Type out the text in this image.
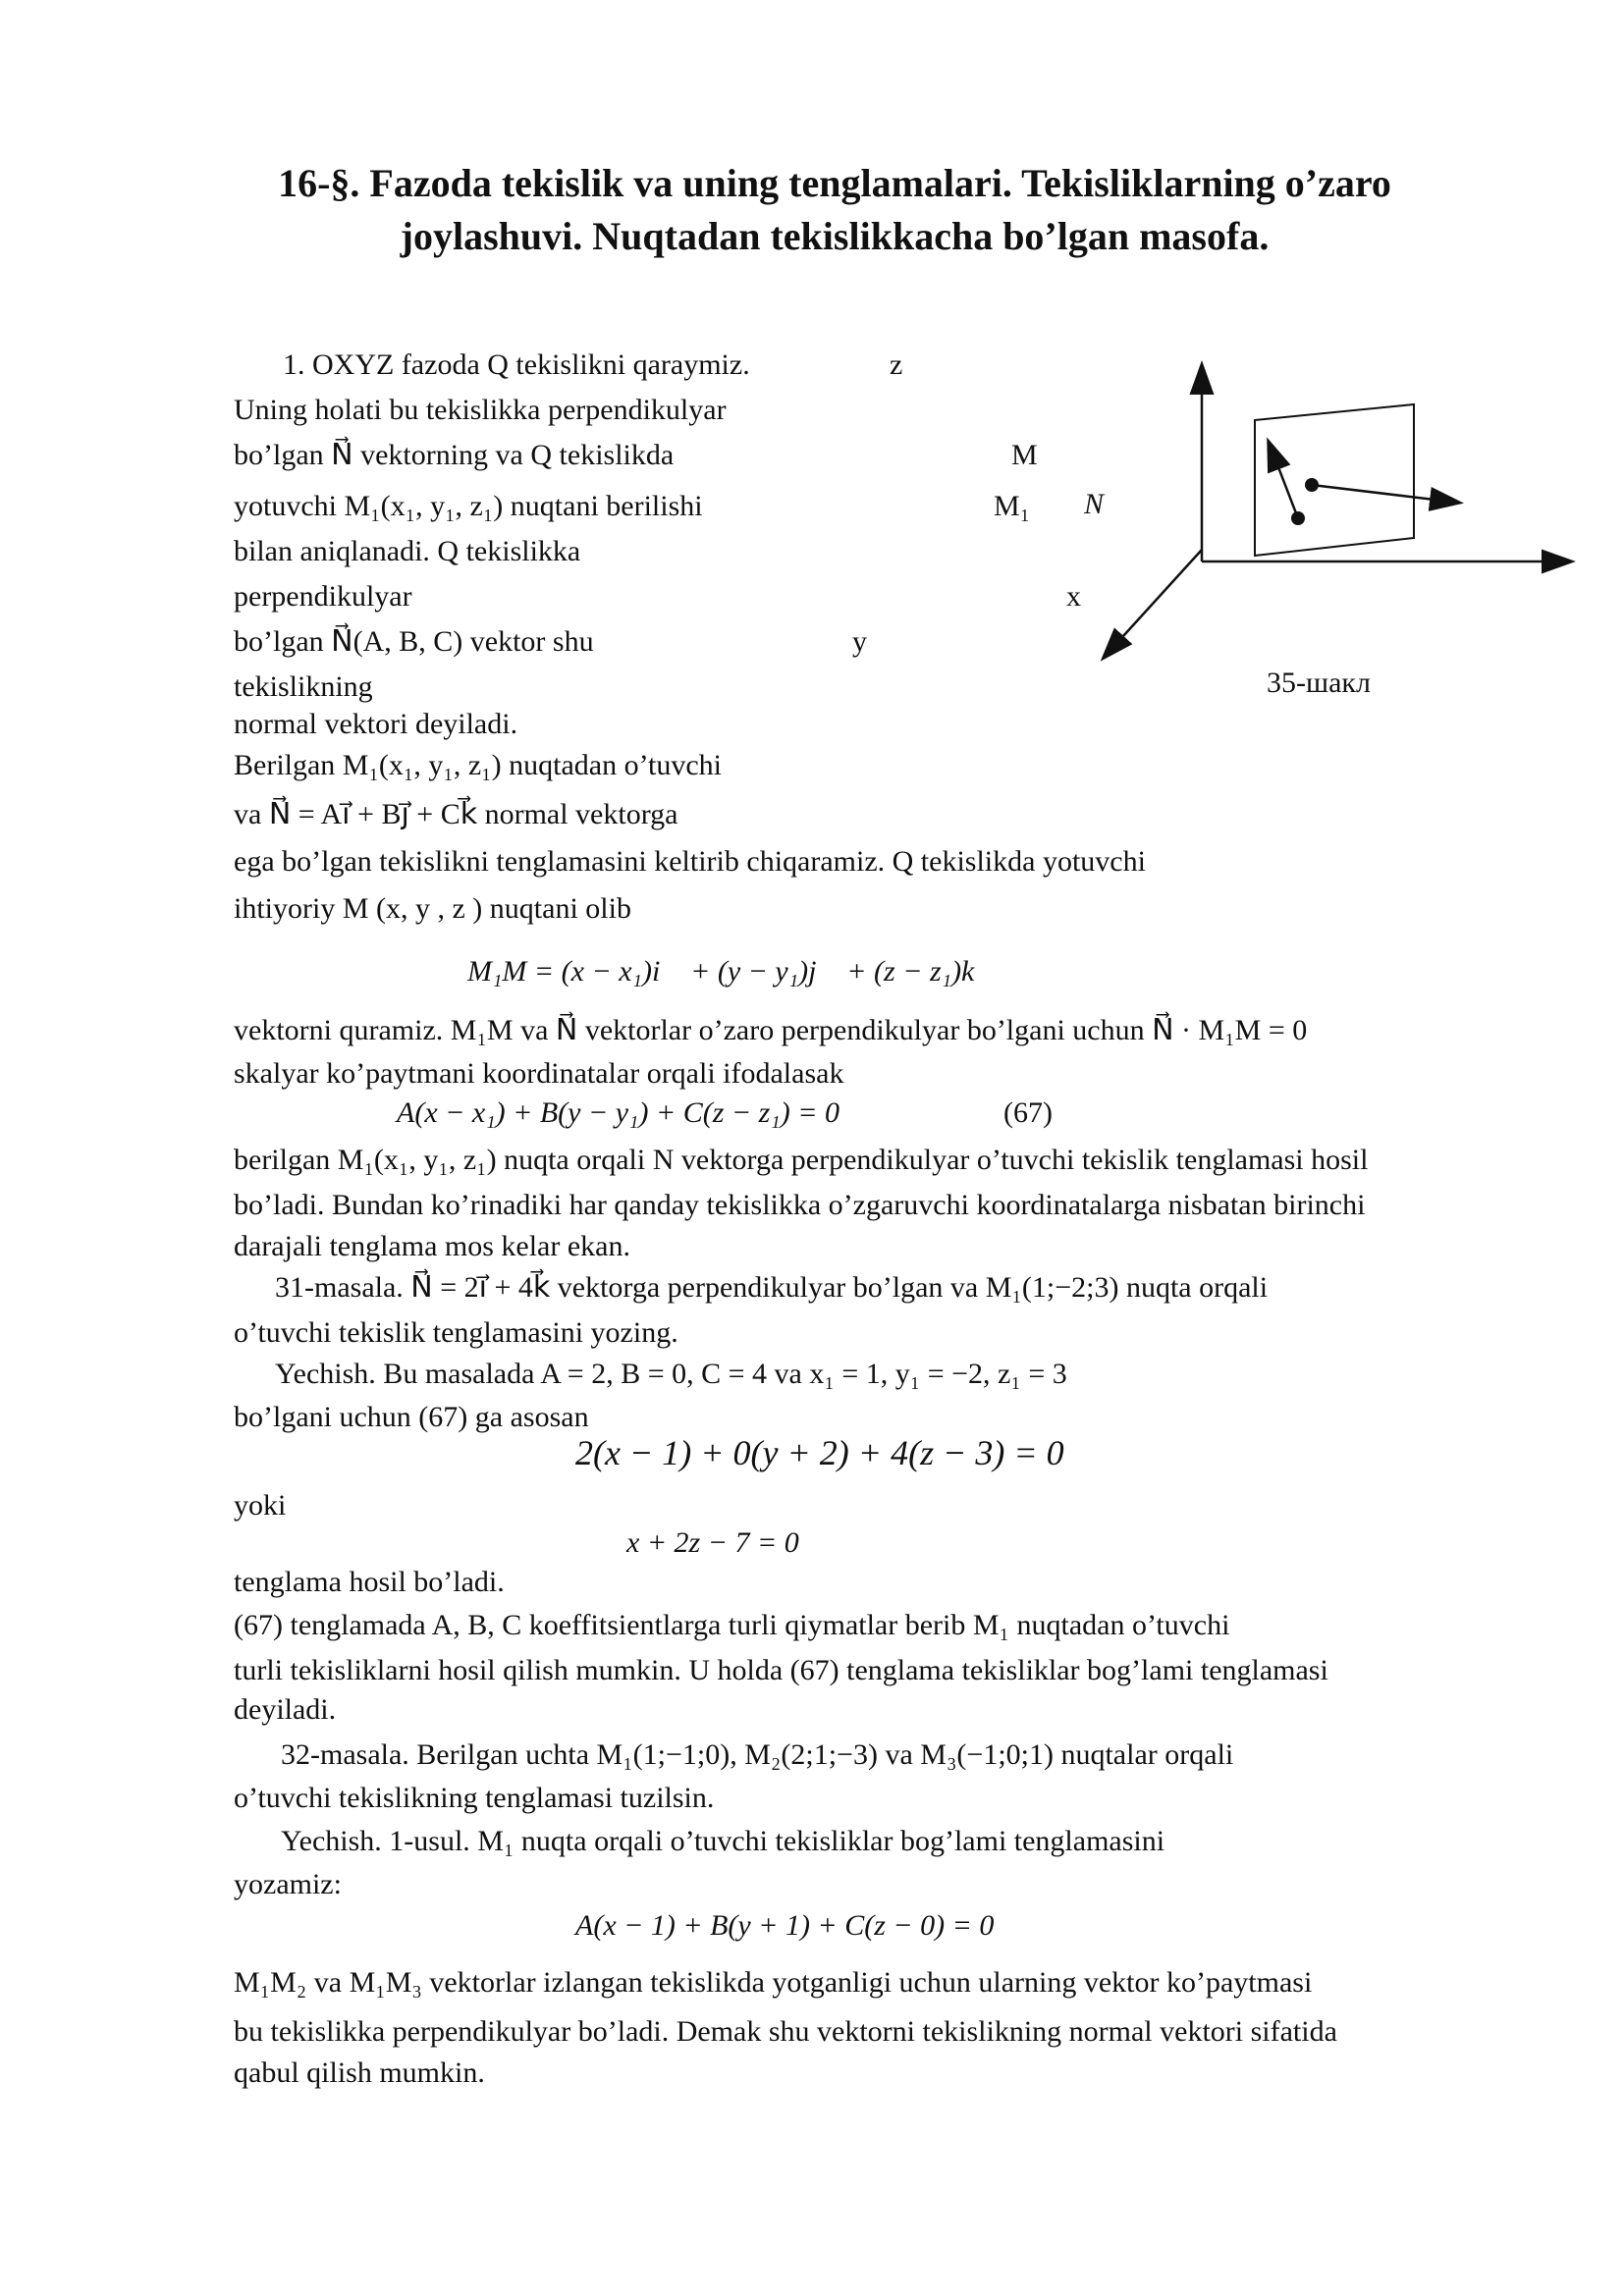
16-§. Fazoda tekislik va uning tenglamalari. Tekisliklarning o’zaro
joylashuvi. Nuqtadan tekislikkacha bo’lgan masofa.
1. OXYZ fazoda Q tekislikni qaraymiz.
Uning holati bu tekislikka perpendikulyar
bo’lgan N⃗ vektorning va Q tekislikda
yotuvchi M₁(x₁, y₁, z₁) nuqtani berilishi
bilan aniqlanadi. Q tekislikka
perpendikulyar
bo’lgan N⃗(A, B, C) vektor shu
tekislikning
normal vektori deyiladi.
Berilgan M₁(x₁, y₁, z₁) nuqtadan o’tuvchi
va N⃗ = Ai⃗ + Bj⃗ + Ck⃗ normal vektorga
z
M
M₁ N⃗
x
y
35-шакл
ega bo’lgan tekislikni tenglamasini keltirib chiqaramiz. Q tekislikda yotuvchi
ihtiyoriy M (x, y , z ) nuqtani olib
M₁M = (x − x₁)i⃗ + (y − y₁)j⃗ + (z − z₁)k⃗
vektorni quramiz. M₁M va N⃗ vektorlar o’zaro perpendikulyar bo’lgani uchun N⃗ · M₁M = 0
skalyar ko’paytmani koordinatalar orqali ifodalasak
A(x − x₁) + B(y − y₁) + C(z − z₁) = 0	(67)
berilgan M₁(x₁, y₁, z₁) nuqta orqali N vektorga perpendikulyar o’tuvchi tekislik tenglamasi hosil
bo’ladi. Bundan ko’rinadiki har qanday tekislikka o’zgaruvchi koordinatalarga nisbatan birinchi
darajali tenglama mos kelar ekan.
31-masala. N⃗ = 2i⃗ + 4k⃗ vektorga perpendikulyar bo’lgan va M₁(1;−2;3) nuqta orqali
o’tuvchi tekislik tenglamasini yozing.
Yechish. Bu masalada A = 2, B = 0, C = 4 va x₁ = 1, y₁ = −2, z₁ = 3
bo’lgani uchun (67) ga asosan
2(x − 1) + 0(y + 2) + 4(z − 3) = 0
yoki
x + 2z − 7 = 0
tenglama hosil bo’ladi.
(67) tenglamada A, B, C koeffitsientlarga turli qiymatlar berib M₁ nuqtadan o’tuvchi
turli tekisliklarni hosil qilish mumkin. U holda (67) tenglama tekisliklar bog’lami tenglamasi
deyiladi.
32-masala. Berilgan uchta M₁(1;−1;0), M₂(2;1;−3) va M₃(−1;0;1) nuqtalar orqali
o’tuvchi tekislikning tenglamasi tuzilsin.
Yechish. 1-usul. M₁ nuqta orqali o’tuvchi tekisliklar bog’lami tenglamasini
yozamiz:
A(x − 1) + B(y + 1) + C(z − 0) = 0
M₁M₂ va M₁M₃ vektorlar izlangan tekislikda yotganligi uchun ularning vektor ko’paytmasi
bu tekislikka perpendikulyar bo’ladi. Demak shu vektorni tekislikning normal vektori sifatida
qabul qilish mumkin.
